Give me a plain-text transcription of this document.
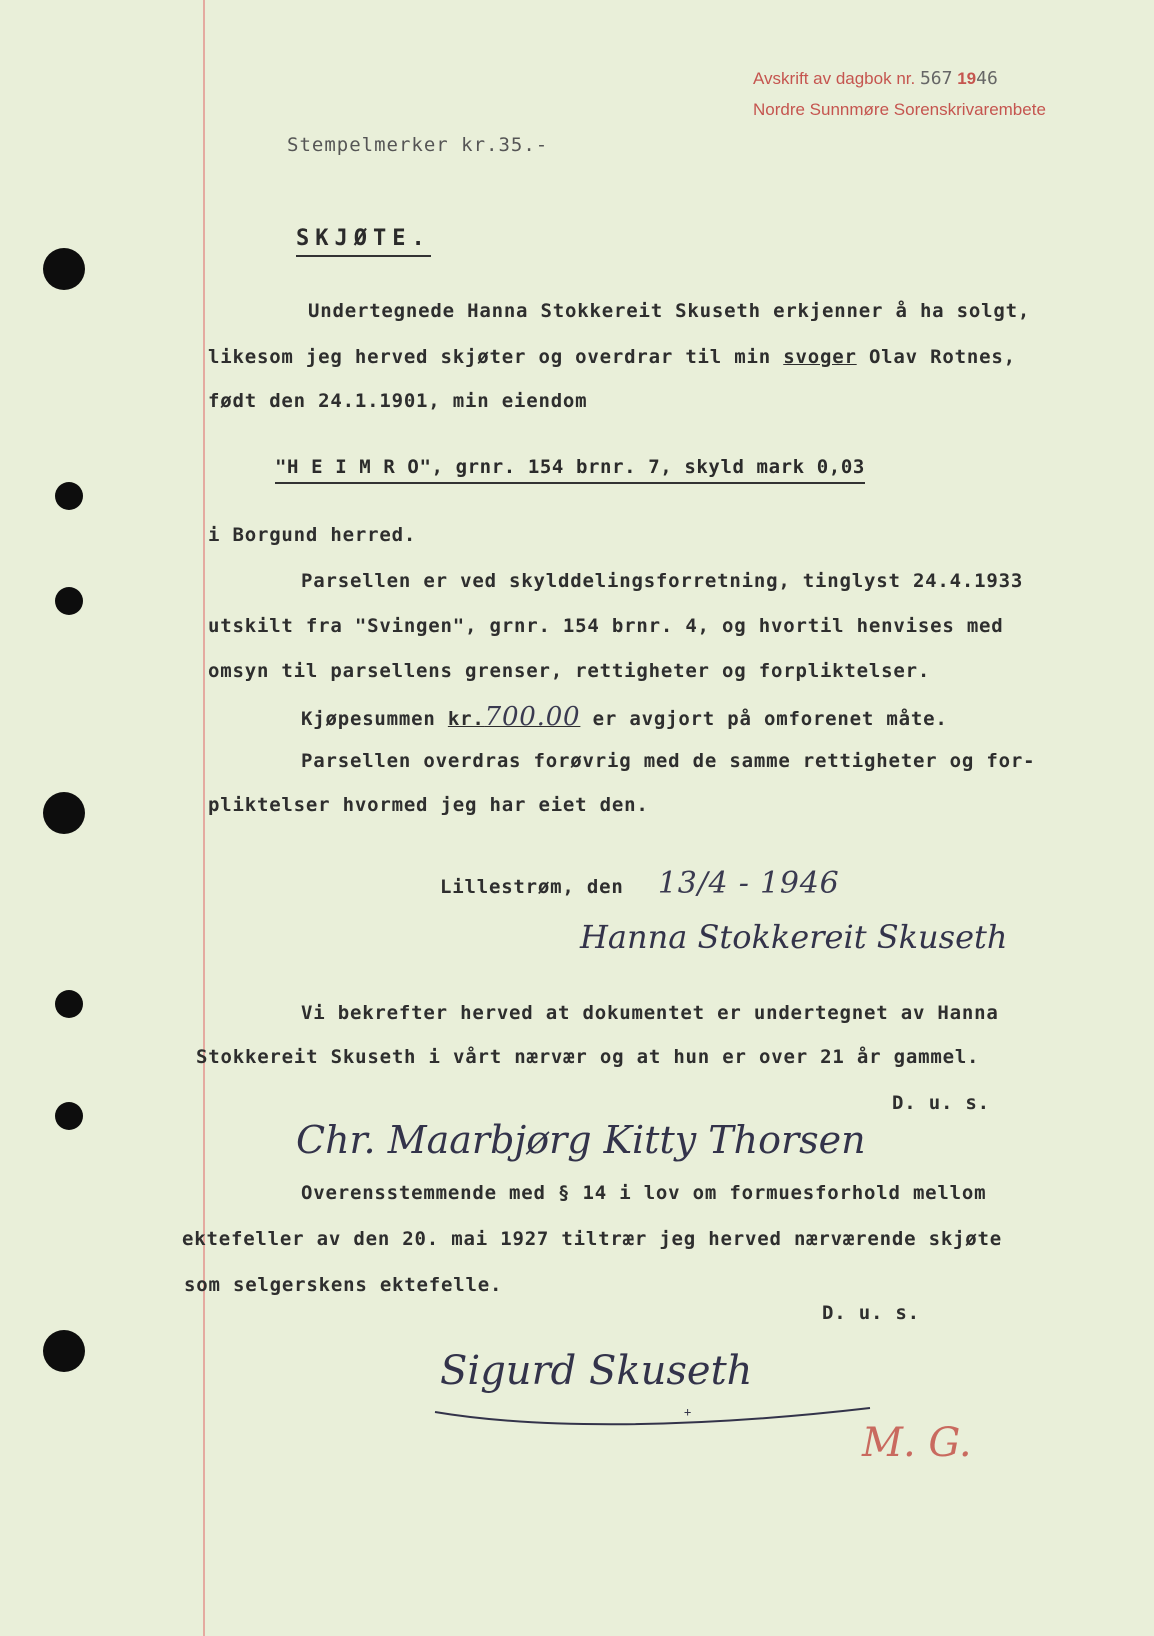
Avskrift av dagbok nr. 567 1946
Nordre Sunnmøre Sorenskrivarembete
Stempelmerker kr.35.-
SKJØTE.
Undertegnede Hanna Stokkereit Skuseth erkjenner å ha solgt,
likesom jeg herved skjøter og overdrar til min svoger Olav Rotnes,
født den 24.1.1901, min eiendom
"H E I M R O", grnr. 154 brnr. 7, skyld mark 0,03
i Borgund herred.
Parsellen er ved skylddelingsforretning, tinglyst 24.4.1933
utskilt fra "Svingen", grnr. 154 brnr. 4, og hvortil henvises med
omsyn til parsellens grenser, rettigheter og forpliktelser.
Kjøpesummen kr.700.00 er avgjort på omforenet måte.
Parsellen overdras forøvrig med de samme rettigheter og for-
pliktelser hvormed jeg har eiet den.
Lillestrøm, den 13/4 - 1946
Hanna Stokkereit Skuseth
Vi bekrefter herved at dokumentet er undertegnet av Hanna
Stokkereit Skuseth i vårt nærvær og at hun er over 21 år gammel.
D. u. s.
Chr. Maarbjørg Kitty Thorsen
Overensstemmende med § 14 i lov om formuesforhold mellom
ektefeller av den 20. mai 1927 tiltrær jeg herved nærværende skjøte
som selgerskens ektefelle.
D. u. s.
Sigurd Skuseth
+
M. G.
